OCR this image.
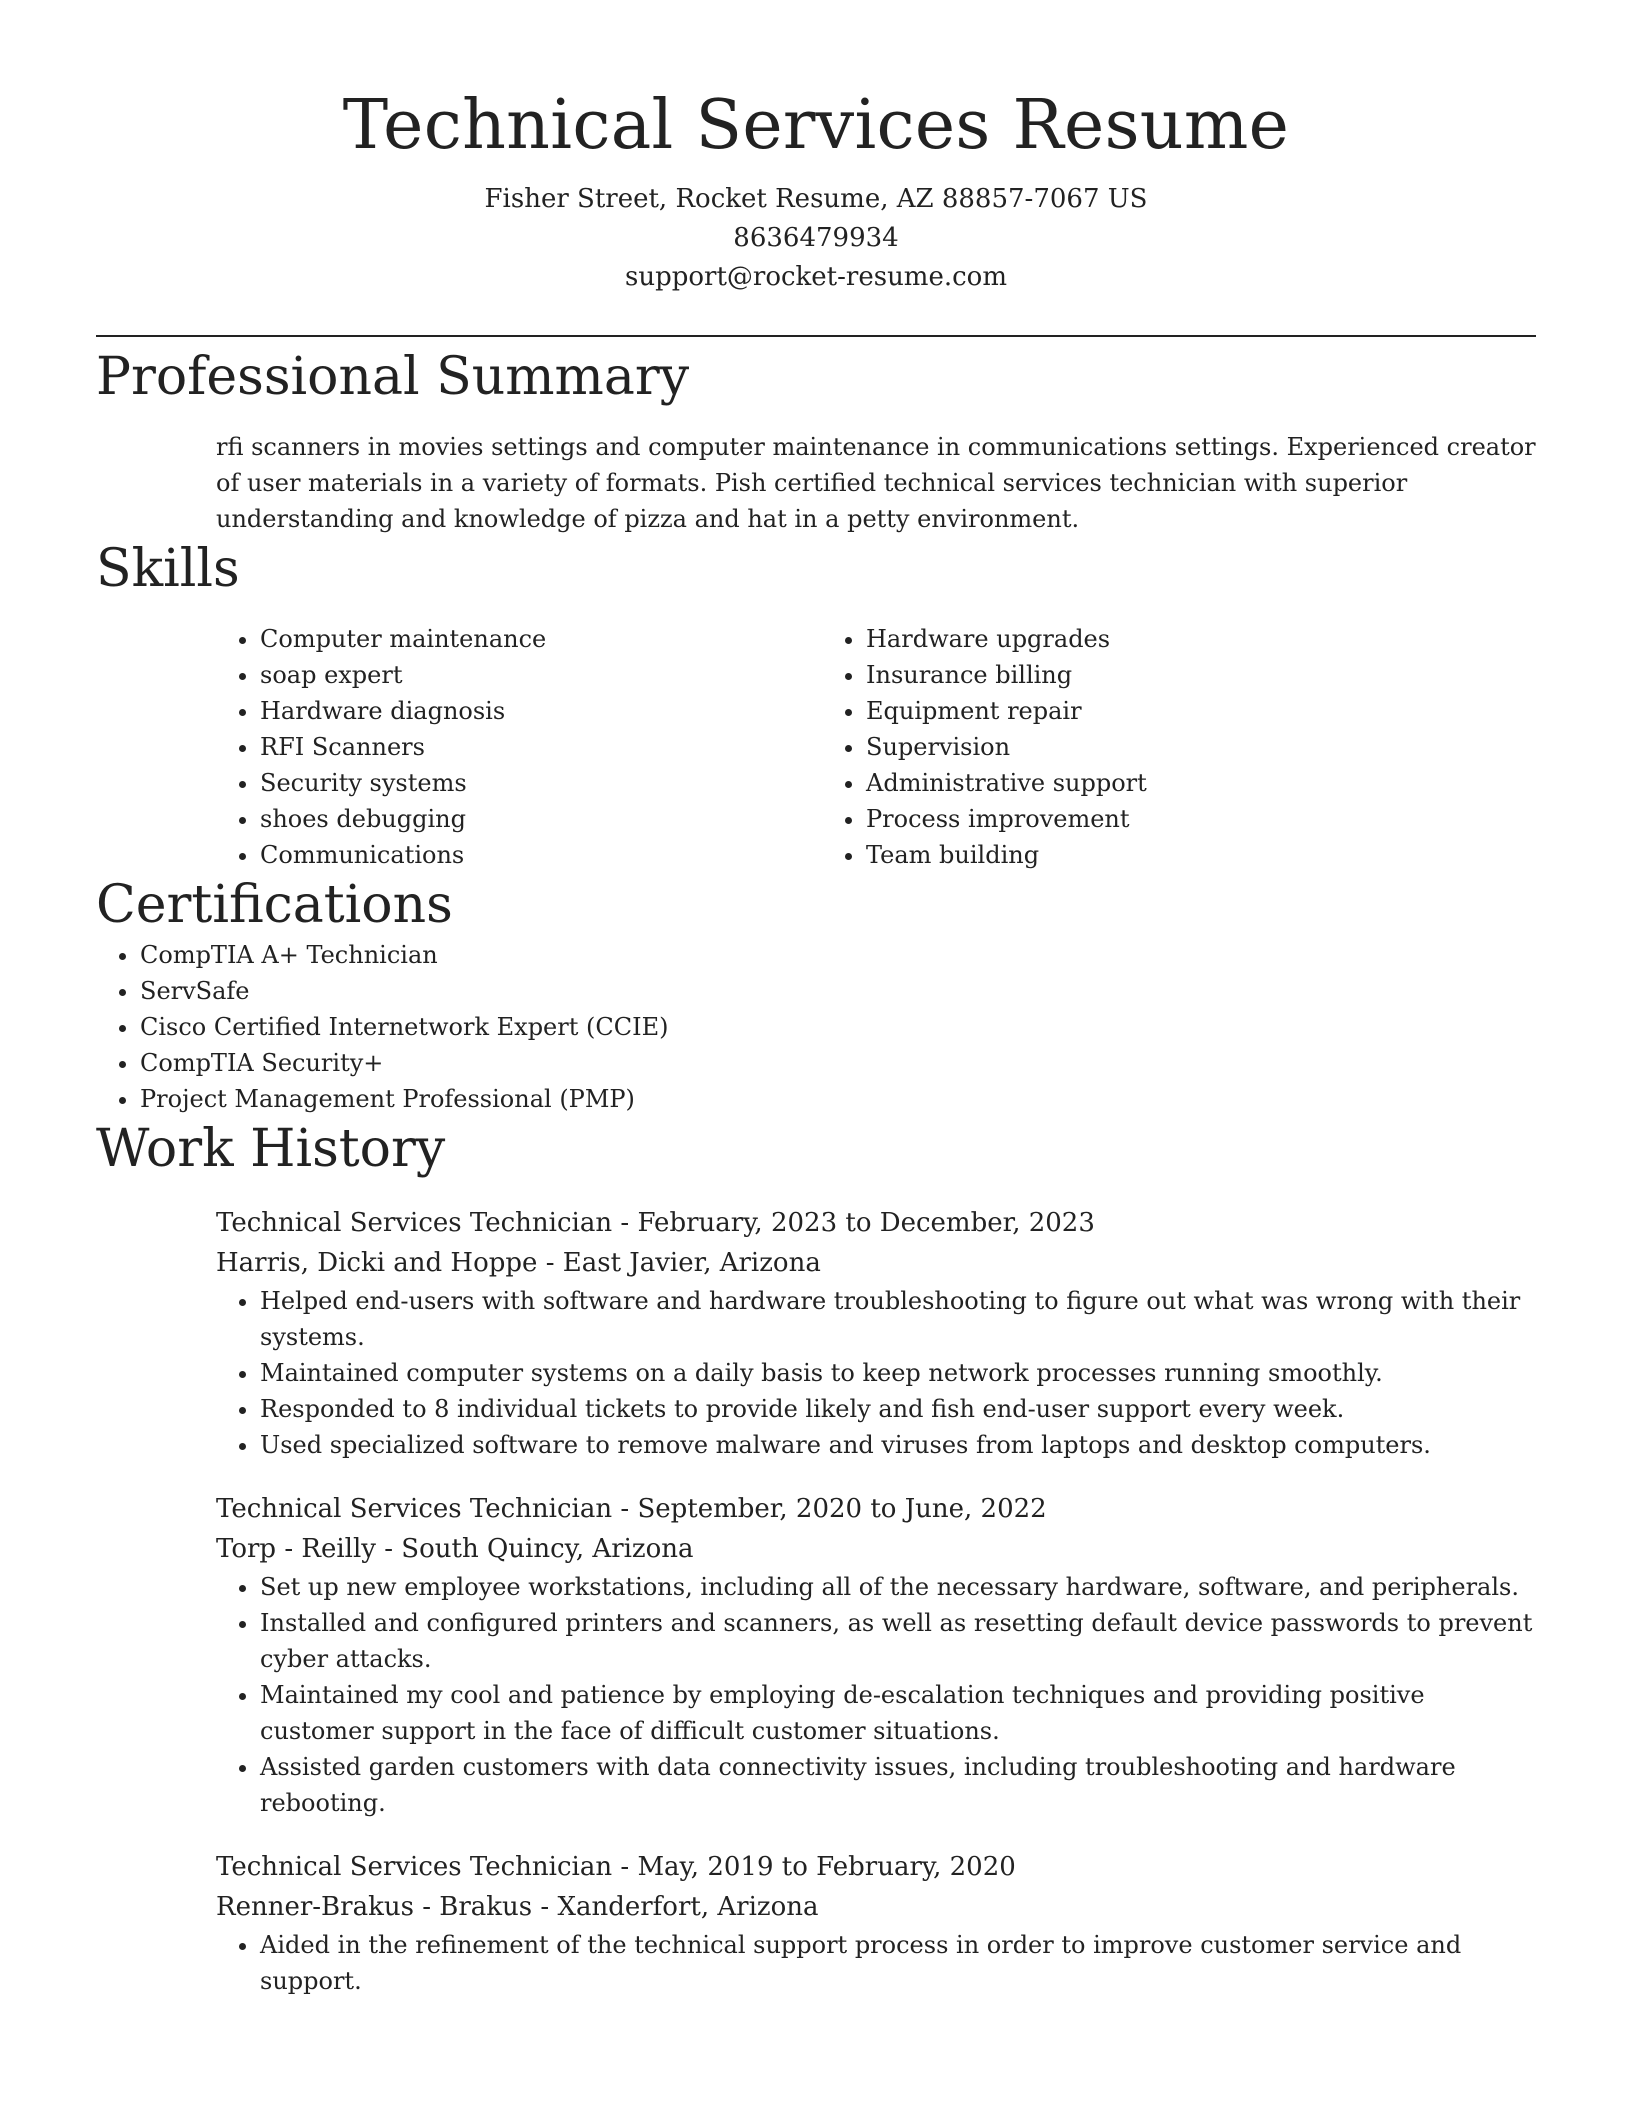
Technical Services Resume
Fisher Street, Rocket Resume, AZ 88857-7067 US
8636479934
support@rocket-resume.com
Professional Summary

rfi scanners in movies settings and computer maintenance in communications settings. Experienced creator of user materials in a variety of formats. Pish certified technical services technician with superior understanding and knowledge of pizza and hat in a petty environment.

Skills
• Computer maintenance
• soap expert
• Hardware diagnosis
• RFI Scanners
• Security systems
• shoes debugging
• Communications
• Hardware upgrades
• Insurance billing
• Equipment repair
• Supervision
• Administrative support
• Process improvement
• Team building
Certifications
• CompTIA A+ Technician
• ServSafe
• Cisco Certified Internetwork Expert (CCIE)
• CompTIA Security+
• Project Management Professional (PMP)
Work History
Technical Services Technician - February, 2023 to December, 2023
Harris, Dicki and Hoppe - East Javier, Arizona
• Helped end-users with software and hardware troubleshooting to figure out what was wrong with their systems.
• Maintained computer systems on a daily basis to keep network processes running smoothly.
• Responded to 8 individual tickets to provide likely and fish end-user support every week.
• Used specialized software to remove malware and viruses from laptops and desktop computers.
Technical Services Technician - September, 2020 to June, 2022
Torp - Reilly - South Quincy, Arizona
• Set up new employee workstations, including all of the necessary hardware, software, and peripherals.
• Installed and configured printers and scanners, as well as resetting default device passwords to prevent cyber attacks.
• Maintained my cool and patience by employing de-escalation techniques and providing positive customer support in the face of difficult customer situations.
• Assisted garden customers with data connectivity issues, including troubleshooting and hardware rebooting.
Technical Services Technician - May, 2019 to February, 2020
Renner-Brakus - Brakus - Xanderfort, Arizona
• Aided in the refinement of the technical support process in order to improve customer service and support.
